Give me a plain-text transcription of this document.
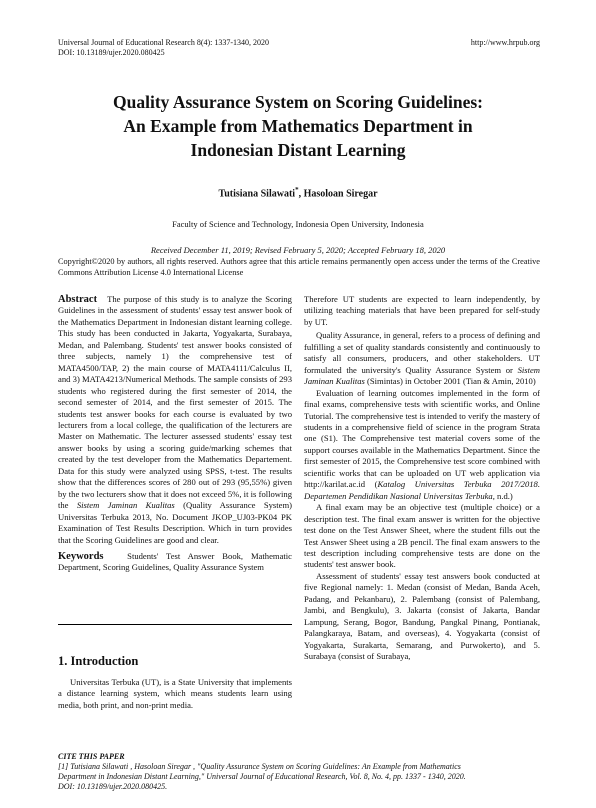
Universal Journal of Educational Research 8(4): 1337-1340, 2020
DOI: 10.13189/ujer.2020.080425
http://www.hrpub.org
Quality Assurance System on Scoring Guidelines:
An Example from Mathematics Department in
Indonesian Distant Learning
Tutisiana Silawati*, Hasoloan Siregar
Faculty of Science and Technology, Indonesia Open University, Indonesia
Received December 11, 2019; Revised February 5, 2020; Accepted February 18, 2020
Copyright©2020 by authors, all rights reserved. Authors agree that this article remains permanently open access under the terms of the Creative Commons Attribution License 4.0 International License

Abstract The purpose of this study is to analyze the Scoring Guidelines in the assessment of students' essay test answer book of the Mathematics Department in Indonesian distant learning college. This study has been conducted in Jakarta, Yogyakarta, Surabaya, Medan, and Palembang. Students' test answer books consisted of three subjects, namely 1) the comprehensive test of MATA4500/TAP, 2) the main course of MATA4111/Calculus II, and 3) MATA4213/Numerical Methods. The sample consists of 293 students who registered during the first semester of 2014, the second semester of 2014, and the first semester of 2015. The students test answer books for each course is evaluated by two lecturers from a local college, the qualification of the lecturers are Master on Mathematic. The lecturer assessed students' essay test answer books by using a scoring guide/marking schemes that created by the test developer from the Mathematics Departement. Data for this study were analyzed using SPSS, t-test. The results show that the differences scores of 280 out of 293 (95,55%) given by the two lecturers show that it does not exceed 5%, it is following the Sistem Jaminan Kualitas (Quality Assurance System) Universitas Terbuka 2013, No. Document JKOP_UJ03-PK04 PK Examination of Test Results Description. Which in turn provides that the Scoring Guidelines are good and clear.

Keywords	Students' Test Answer Book, Mathematic Department, Scoring Guidelines, Quality Assurance System

1. Introduction

Universitas Terbuka (UT), is a State University that implements a distance learning system, which means students learn using media, both print, and non-print media.

Therefore UT students are expected to learn independently, by utilizing teaching materials that have been prepared for self-study by UT.

Quality Assurance, in general, refers to a process of defining and fulfilling a set of quality standards consistently and continuously to satisfy all consumers, producers, and other stakeholders. UT formulated the university's Quality Assurance System or Sistem Jaminan Kualitas (Simintas) in October 2001 (Tian & Amin, 2010)

Evaluation of learning outcomes implemented in the form of final exams, comprehensive tests with scientific works, and Online Tutorial. The comprehensive test is intended to verify the mastery of students in a comprehensive field of science in the program Strata one (S1). The Comprehensive test material covers some of the support courses available in the Mathematics Department. Since the first semester of 2015, the Comprehensive test score combined with scientific works that can be uploaded on UT web application via http://karilat.ac.id (Katalog Universitas Terbuka 2017/2018. Departemen Pendidikan Nasional Universitas Terbuka, n.d.)

A final exam may be an objective test (multiple choice) or a description test. The final exam answer is written for the objective test done on the Test Answer Sheet, where the student fills out the Test Answer Sheet using a 2B pencil. The final exam answers to the test description including comprehensive tests are done on the students' test answer book.

Assessment of students' essay test answers book conducted at five Regional namely: 1. Medan (consist of Medan, Banda Aceh, Padang, and Pekanbaru), 2. Palembang (consist of Palembang, Jambi, and Bengkulu), 3. Jakarta (consist of Jakarta, Bandar Lampung, Serang, Bogor, Bandung, Pangkal Pinang, Pontianak, Palangkaraya, Batam, and overseas), 4. Yogyakarta (consist of Yogyakarta, Surakarta, Semarang, and Purwokerto), and 5. Surabaya (consist of Surabaya,

CITE THIS PAPER
[1] Tutisiana Silawati , Hasoloan Siregar , "Quality Assurance System on Scoring Guidelines: An Example from Mathematics
Department in Indonesian Distant Learning," Universal Journal of Educational Research, Vol. 8, No. 4, pp. 1337 - 1340, 2020.
DOI: 10.13189/ujer.2020.080425.
